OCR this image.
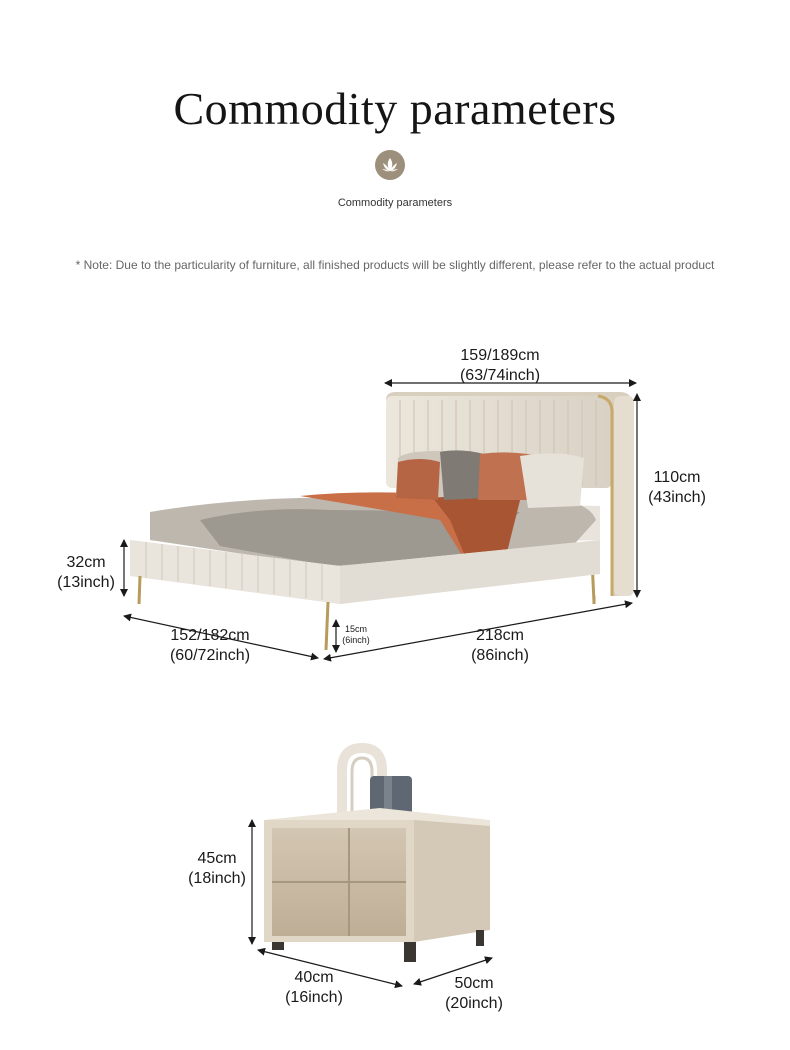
Commodity parameters
Commodity parameters
* Note: Due to the particularity of furniture, all finished products will be slightly different, please refer to the actual product
159/189cm
(63/74inch)
110cm
(43inch)
32cm
(13inch)
152/182cm
(60/72inch)
15cm
(6inch)	218cm
(86inch)
45cm
(18inch)
40cm
(16inch)
50cm
(20inch)
